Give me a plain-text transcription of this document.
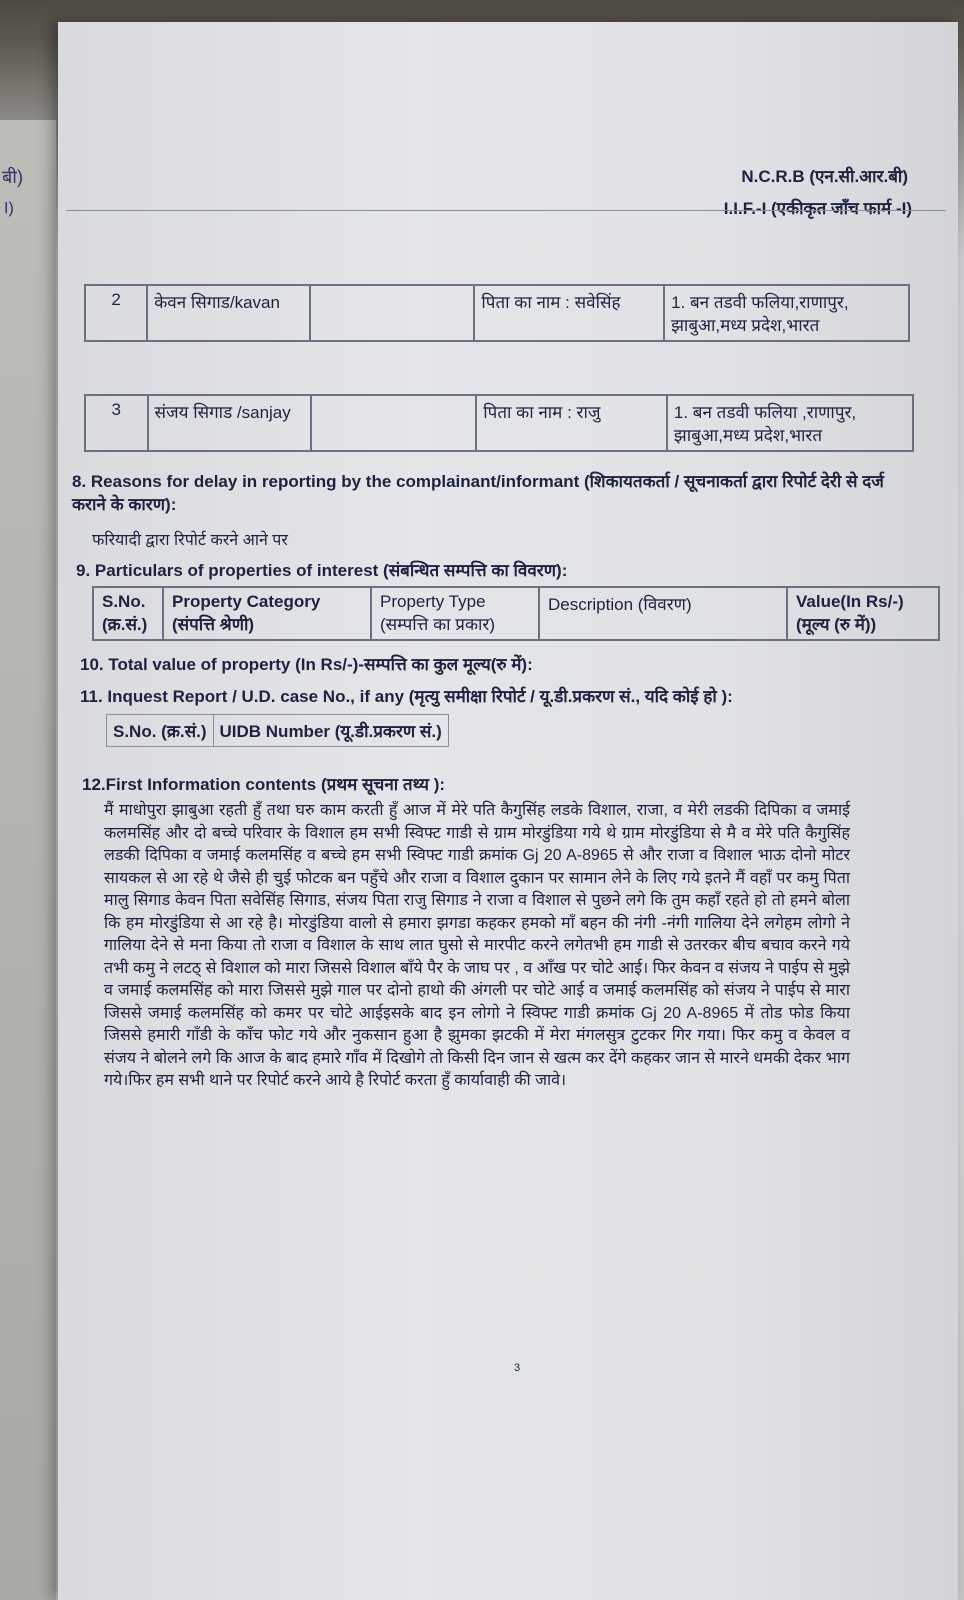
बी)
I)
N.C.R.B (एन.सी.आर.बी)
I.I.F.-I (एकीकृत जाँच फार्म -I)
2	केवन सिगाड/kavan		पिता का नाम : सवेसिंह	1. बन तडवी फलिया,राणापुर, झाबुआ,मध्य प्रदेश,भारत
3	संजय सिगाड /sanjay		पिता का नाम : राजु	1. बन तडवी फलिया ,राणापुर, झाबुआ,मध्य प्रदेश,भारत
8. Reasons for delay in reporting by the complainant/informant (शिकायतकर्ता / सूचनाकर्ता द्वारा रिपोर्ट देरी से दर्ज कराने के कारण):
फरियादी द्वारा रिपोर्ट करने आने पर
9. Particulars of properties of interest (संबन्धित सम्पत्ति का विवरण):
S.No. (क्र.सं.)	Property Category (संपत्ति श्रेणी)	Property Type (सम्पत्ति का प्रकार)	Description (विवरण)	Value(In Rs/-) (मूल्य (रु में))
10. Total value of property (In Rs/-)-सम्पत्ति का कुल मूल्य(रु में):
11. Inquest Report / U.D. case No., if any (मृत्यु समीक्षा रिपोर्ट / यू.डी.प्रकरण सं., यदि कोई हो ):
S.No. (क्र.सं.)	UIDB Number (यू.डी.प्रकरण सं.)
12.First Information contents (प्रथम सूचना तथ्य ):
मैं माधोपुरा झाबुआ रहती हुँ तथा घरु काम करती हुँ आज में मेरे पति कैगुसिंह लडके विशाल, राजा, व मेरी लडकी दिपिका व जमाई कलमसिंह और दो बच्चे परिवार के विशाल हम सभी स्विफ्ट गाडी से ग्राम मोरडुंडिया गये थे ग्राम मोरडुंडिया से मै व मेरे पति कैगुसिंह लडकी दिपिका व जमाई कलमसिंह व बच्चे हम सभी स्विफ्ट गाडी क्रमांक Gj 20 A-8965 से और राजा व विशाल भाऊ दोनो मोटर सायकल से आ रहे थे जैसे ही चुई फोटक बन पहुँचे और राजा व विशाल दुकान पर सामान लेने के लिए गये इतने मैं वहाँ पर कमु पिता मालु सिगाड केवन पिता सवेसिंह सिगाड, संजय पिता राजु सिगाड ने राजा व विशाल से पुछने लगे कि तुम कहाँ रहते हो तो हमने बोला कि हम मोरडुंडिया से आ रहे है। मोरडुंडिया वालो से हमारा झगडा कहकर हमको माँ बहन की नंगी -नंगी गालिया देने लगेहम लोगो ने गालिया देने से मना किया तो राजा व विशाल के साथ लात घुसो से मारपीट करने लगेतभी हम गाडी से उतरकर बीच बचाव करने गये तभी कमु ने लटठ् से विशाल को मारा जिससे विशाल बाँये पैर के जाघ पर , व आँख पर चोटे आई। फिर केवन व संजय ने पाईप से मुझे व जमाई कलमसिंह को मारा जिससे मुझे गाल पर दोनो हाथो की अंगली पर चोटे आई व जमाई कलमसिंह को संजय ने पाईप से मारा जिससे जमाई कलमसिंह को कमर पर चोटे आईइसके बाद इन लोगो ने स्विफ्ट गाडी क्रमांक Gj 20 A-8965 में तोड फोड किया जिससे हमारी गाँडी के काँच फोट गये और नुकसान हुआ है झुमका झटकी में मेरा मंगलसुत्र टुटकर गिर गया। फिर कमु व केवल व संजय ने बोलने लगे कि आज के बाद हमारे गाँव में दिखोगे तो किसी दिन जान से खत्म कर देंगे कहकर जान से मारने धमकी देकर भाग गये।फिर हम सभी थाने पर रिपोर्ट करने आये है रिपोर्ट करता हुँ कार्यावाही की जावे।
3
